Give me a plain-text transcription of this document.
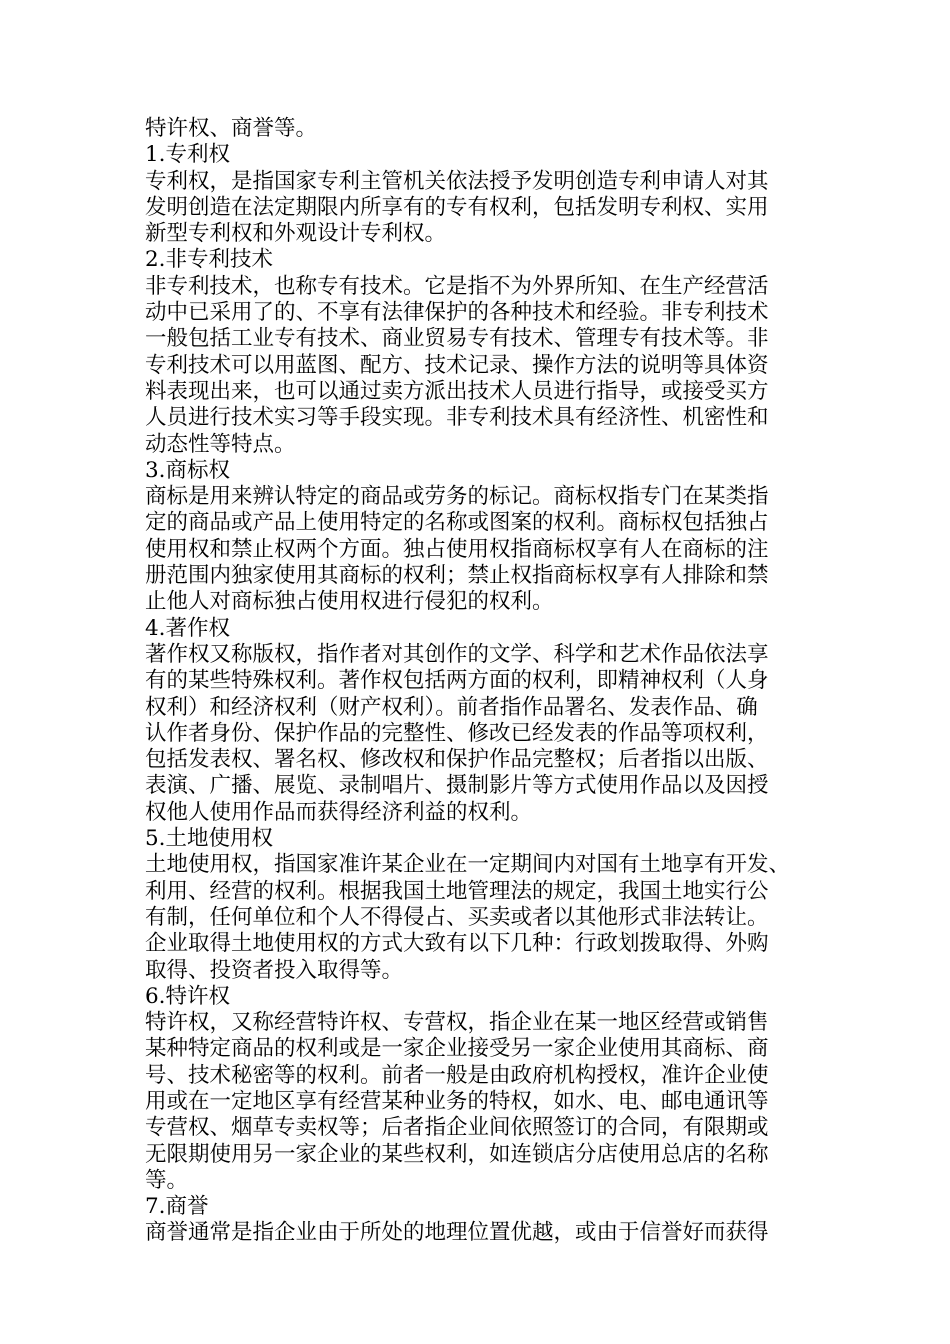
特许权、商誉等。
1.专利权
专利权，是指国家专利主管机关依法授予发明创造专利申请人对其
发明创造在法定期限内所享有的专有权利，包括发明专利权、实用
新型专利权和外观设计专利权。
2.非专利技术
非专利技术，也称专有技术。它是指不为外界所知、在生产经营活
动中已采用了的、不享有法律保护的各种技术和经验。非专利技术
一般包括工业专有技术、商业贸易专有技术、管理专有技术等。非
专利技术可以用蓝图、配方、技术记录、操作方法的说明等具体资
料表现出来，也可以通过卖方派出技术人员进行指导，或接受买方
人员进行技术实习等手段实现。非专利技术具有经济性、机密性和
动态性等特点。
3.商标权
商标是用来辨认特定的商品或劳务的标记。商标权指专门在某类指
定的商品或产品上使用特定的名称或图案的权利。商标权包括独占
使用权和禁止权两个方面。独占使用权指商标权享有人在商标的注
册范围内独家使用其商标的权利；禁止权指商标权享有人排除和禁
止他人对商标独占使用权进行侵犯的权利。
4.著作权
著作权又称版权，指作者对其创作的文学、科学和艺术作品依法享
有的某些特殊权利。著作权包括两方面的权利，即精神权利（人身
权利）和经济权利（财产权利）。前者指作品署名、发表作品、确
认作者身份、保护作品的完整性、修改已经发表的作品等项权利，
包括发表权、署名权、修改权和保护作品完整权；后者指以出版、
表演、广播、展览、录制唱片、摄制影片等方式使用作品以及因授
权他人使用作品而获得经济利益的权利。
5.土地使用权
土地使用权，指国家准许某企业在一定期间内对国有土地享有开发、
利用、经营的权利。根据我国土地管理法的规定，我国土地实行公
有制，任何单位和个人不得侵占、买卖或者以其他形式非法转让。
企业取得土地使用权的方式大致有以下几种：行政划拨取得、外购
取得、投资者投入取得等。
6.特许权
特许权，又称经营特许权、专营权，指企业在某一地区经营或销售
某种特定商品的权利或是一家企业接受另一家企业使用其商标、商
号、技术秘密等的权利。前者一般是由政府机构授权，准许企业使
用或在一定地区享有经营某种业务的特权，如水、电、邮电通讯等
专营权、烟草专卖权等；后者指企业间依照签订的合同，有限期或
无限期使用另一家企业的某些权利，如连锁店分店使用总店的名称
等。
7.商誉
商誉通常是指企业由于所处的地理位置优越，或由于信誉好而获得
